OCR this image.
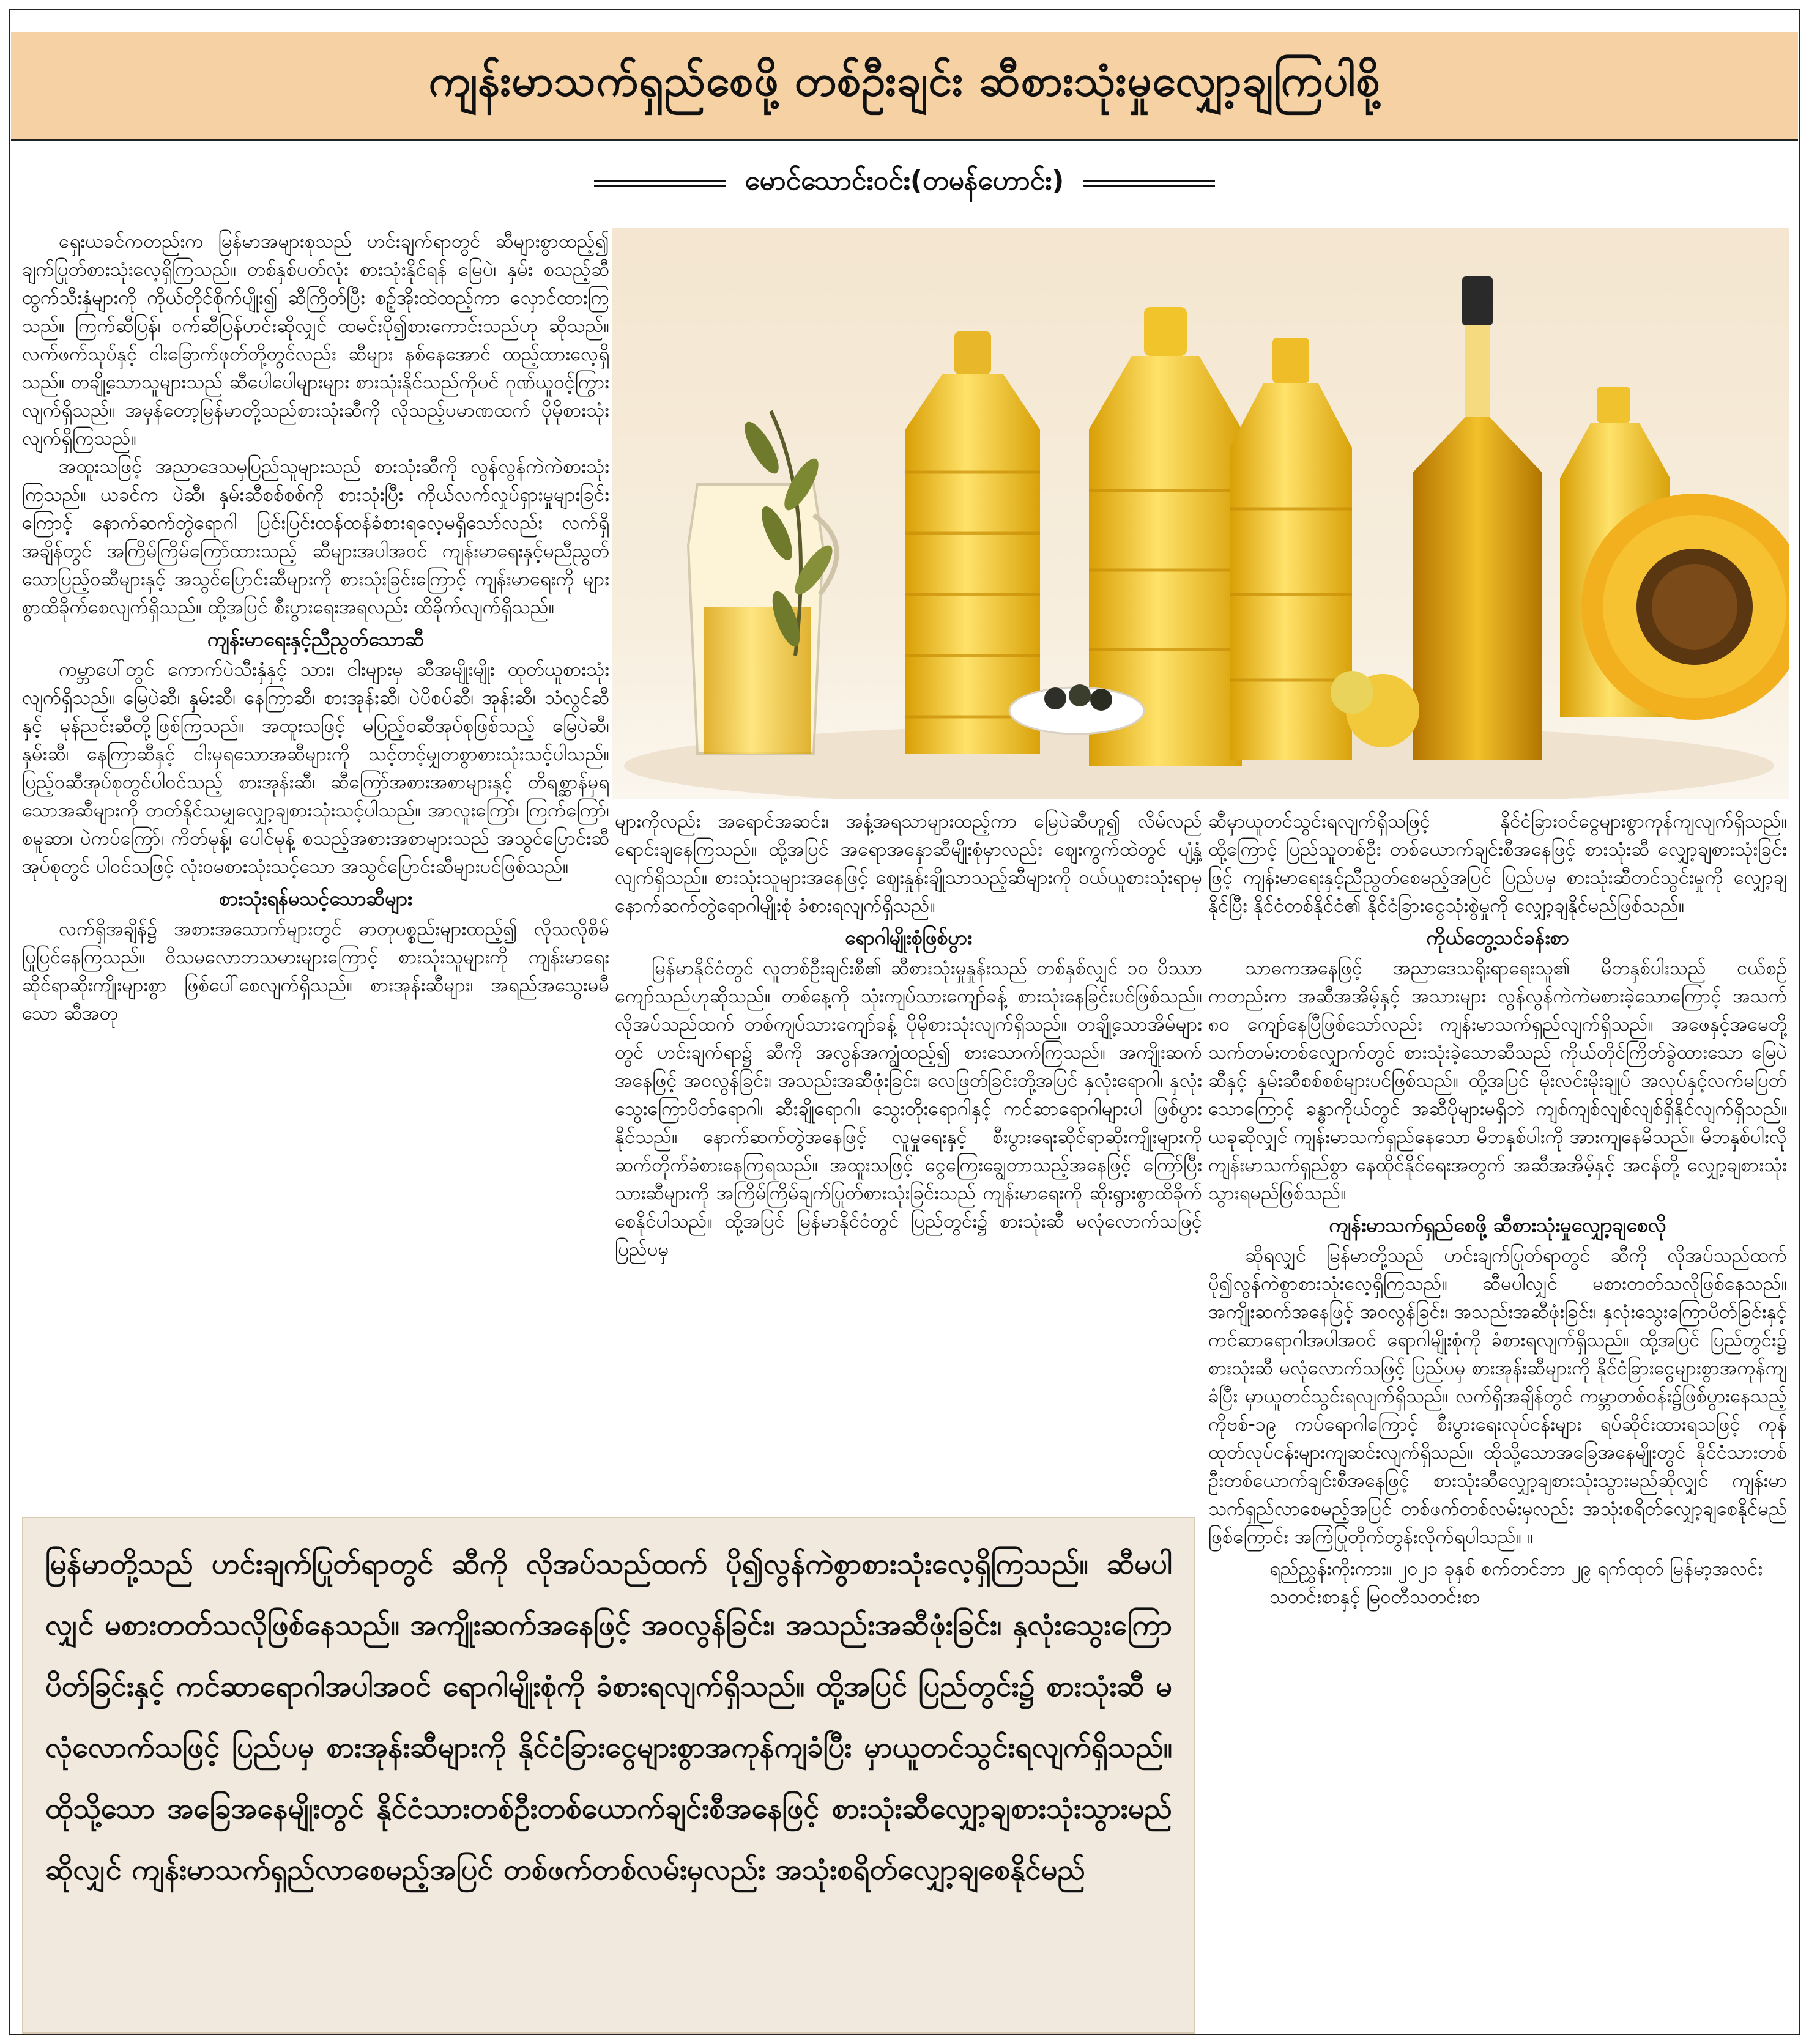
ကျန်းမာသက်ရှည်စေဖို့ တစ်ဦးချင်း ဆီစားသုံးမှုလျှော့ချကြပါစို့
မောင်သောင်းဝင်း(တမန်ဟောင်း)

ရှေးယခင်ကတည်းက မြန်မာအများစုသည် ဟင်းချက်ရာတွင် ဆီများစွာထည့်၍ ချက်ပြုတ်စားသုံးလေ့ရှိကြသည်။ တစ်နှစ်ပတ်လုံး စားသုံးနိုင်ရန် မြေပဲ၊ နှမ်း စသည့်ဆီထွက်သီးနှံများကို ကိုယ်တိုင်စိုက်ပျိုး၍ ဆီကြိတ်ပြီး စဉ့်အိုးထဲထည့်ကာ လှောင်ထားကြသည်။ ကြက်ဆီပြန်၊ ဝက်ဆီပြန်ဟင်းဆိုလျှင် ထမင်းပို၍စားကောင်းသည်ဟု ဆိုသည်။ လက်ဖက်သုပ်နှင့် ငါးခြောက်ဖုတ်တို့တွင်လည်း ဆီများ နစ်နေအောင် ထည့်ထားလေ့ရှိသည်။ တချို့သောသူများသည် ဆီပေါပေါများများ စားသုံးနိုင်သည်ကိုပင် ဂုဏ်ယူဝင့်ကြွားလျက်ရှိသည်။ အမှန်တော့မြန်မာတို့သည်စားသုံးဆီကို လိုသည့်ပမာဏထက် ပိုမိုစားသုံးလျက်ရှိကြသည်။

အထူးသဖြင့် အညာဒေသမှပြည်သူများသည် စားသုံးဆီကို လွန်လွန်ကဲကဲစားသုံးကြသည်။ ယခင်က ပဲဆီ၊ နှမ်းဆီစစ်စစ်ကို စားသုံးပြီး ကိုယ်လက်လှုပ်ရှားမှုများခြင်းကြောင့် နောက်ဆက်တွဲရောဂါ ပြင်းပြင်းထန်ထန်ခံစားရလေ့မရှိသော်လည်း လက်ရှိအချိန်တွင် အကြိမ်ကြိမ်ကြော်ထားသည့် ဆီများအပါအဝင် ကျန်းမာရေးနှင့်မညီညွတ်သောပြည့်ဝဆီများနှင့် အသွင်ပြောင်းဆီများကို စားသုံးခြင်းကြောင့် ကျန်းမာရေးကို များစွာထိခိုက်စေလျက်ရှိသည်။ ထို့အပြင် စီးပွားရေးအရလည်း ထိခိုက်လျက်ရှိသည်။

ကျန်းမာရေးနှင့်ညီညွတ်သောဆီ

ကမ္ဘာပေါ်တွင် ကောက်ပဲသီးနှံနှင့် သား၊ ငါးများမှ ဆီအမျိုးမျိုး ထုတ်ယူစားသုံးလျက်ရှိသည်။ မြေပဲဆီ၊ နှမ်းဆီ၊ နေကြာဆီ၊ စားအုန်းဆီ၊ ပဲပိစပ်ဆီ၊ အုန်းဆီ၊ သံလွင်ဆီနှင့် မုန်ညင်းဆီတို့ဖြစ်ကြသည်။ အထူးသဖြင့် မပြည့်ဝဆီအုပ်စုဖြစ်သည့် မြေပဲဆီ၊ နှမ်းဆီ၊ နေကြာဆီနှင့် ငါးမှရသောအဆီများကို သင့်တင့်မျှတစွာစားသုံးသင့်ပါသည်။ ပြည့်ဝဆီအုပ်စုတွင်ပါဝင်သည့် စားအုန်းဆီ၊ ဆီကြော်အစားအစာများနှင့် တိရစ္ဆာန်မှရသောအဆီများကို တတ်နိုင်သမျှလျှော့ချစားသုံးသင့်ပါသည်။ အာလူးကြော်၊ ကြက်ကြော်၊ စမူဆာ၊ ပဲကပ်ကြော်၊ ကိတ်မုန့်၊ ပေါင်မုန့် စသည့်အစားအစာများသည် အသွင်ပြောင်းဆီအုပ်စုတွင် ပါဝင်သဖြင့် လုံးဝမစားသုံးသင့်သော အသွင်ပြောင်းဆီများပင်ဖြစ်သည်။

စားသုံးရန်မသင့်သောဆီများ

လက်ရှိအချိန်၌ အစားအသောက်များတွင် ဓာတုပစ္စည်းများထည့်၍ လိုသလိုစိမ်ပြုပြင်နေကြသည်။ ဝိသမလောဘသမားများကြောင့် စားသုံးသူများကို ကျန်းမာရေးဆိုင်ရာဆိုးကျိုးများစွာ ဖြစ်ပေါ်စေလျက်ရှိသည်။ စားအုန်းဆီများ၊ အရည်အသွေးမမီသော ဆီအတု

များကိုလည်း အရောင်အဆင်း၊ အနံ့အရသာများထည့်ကာ မြေပဲဆီဟူ၍ လိမ်လည်ရောင်းချနေကြသည်။ ထို့အပြင် အရောအနှောဆီမျိုးစုံမှာလည်း ဈေးကွက်ထဲတွင် ပျံ့နှံ့လျက်ရှိသည်။ စားသုံးသူများအနေဖြင့် ဈေးနှုန်းချိုသာသည့်ဆီများကို ဝယ်ယူစားသုံးရာမှ နောက်ဆက်တွဲရောဂါမျိုးစုံ ခံစားရလျက်ရှိသည်။

ရောဂါမျိုးစုံဖြစ်ပွား

မြန်မာနိုင်ငံတွင် လူတစ်ဦးချင်းစီ၏ ဆီစားသုံးမှုနှုန်းသည် တစ်နှစ်လျှင် ၁၀ ပိဿာကျော်သည်ဟုဆိုသည်။ တစ်နေ့ကို သုံးကျပ်သားကျော်ခန့် စားသုံးနေခြင်းပင်ဖြစ်သည်။ လိုအပ်သည်ထက် တစ်ကျပ်သားကျော်ခန့် ပိုမိုစားသုံးလျက်ရှိသည်။ တချို့သောအိမ်များတွင် ဟင်းချက်ရာ၌ ဆီကို အလွန်အကျွံထည့်၍ စားသောက်ကြသည်။ အကျိုးဆက်အနေဖြင့် အဝလွန်ခြင်း၊ အသည်းအဆီဖုံးခြင်း၊ လေဖြတ်ခြင်းတို့အပြင် နှလုံးရောဂါ၊ နှလုံးသွေးကြောပိတ်ရောဂါ၊ ဆီးချိုရောဂါ၊ သွေးတိုးရောဂါနှင့် ကင်ဆာရောဂါများပါ ဖြစ်ပွားနိုင်သည်။ နောက်ဆက်တွဲအနေဖြင့် လူမှုရေးနှင့် စီးပွားရေးဆိုင်ရာဆိုးကျိုးများကို ဆက်တိုက်ခံစားနေကြရသည်။ အထူးသဖြင့် ငွေကြေးချွေတာသည့်အနေဖြင့် ကြော်ပြီးသားဆီများကို အကြိမ်ကြိမ်ချက်ပြုတ်စားသုံးခြင်းသည် ကျန်းမာရေးကို ဆိုးရွားစွာထိခိုက်စေနိုင်ပါသည်။ ထို့အပြင် မြန်မာနိုင်ငံတွင် ပြည်တွင်း၌ စားသုံးဆီ မလုံလောက်သဖြင့် ပြည်ပမှ

ဆီမှာယူတင်သွင်းရလျက်ရှိသဖြင့် နိုင်ငံခြားဝင်ငွေများစွာကုန်ကျလျက်ရှိသည်။ ထို့ကြောင့် ပြည်သူတစ်ဦး တစ်ယောက်ချင်းစီအနေဖြင့် စားသုံးဆီ လျှော့ချစားသုံးခြင်းဖြင့် ကျန်းမာရေးနှင့်ညီညွတ်စေမည့်အပြင် ပြည်ပမှ စားသုံးဆီတင်သွင်းမှုကို လျှော့ချနိုင်ပြီး နိုင်ငံတစ်နိုင်ငံ၏ နိုင်ငံခြားငွေသုံးစွဲမှုကို လျှော့ချနိုင်မည်ဖြစ်သည်။

ကိုယ်တွေ့သင်ခန်းစာ

သာဓကအနေဖြင့် အညာဒေသရိုးရာရေးသူ၏ မိဘနှစ်ပါးသည် ငယ်စဉ်ကတည်းက အဆီအအိမ့်နှင့် အသားများ လွန်လွန်ကဲကဲမစားခဲ့သောကြောင့် အသက် ၈၀ ကျော်နေပြီဖြစ်သော်လည်း ကျန်းမာသက်ရှည်လျက်ရှိသည်။ အဖေနှင့်အမေတို့သက်တမ်းတစ်လျှောက်တွင် စားသုံးခဲ့သောဆီသည် ကိုယ်တိုင်ကြိတ်ခွဲထားသော မြေပဲဆီနှင့် နှမ်းဆီစစ်စစ်များပင်ဖြစ်သည်။ ထို့အပြင် မိုးလင်းမိုးချုပ် အလုပ်နှင့်လက်မပြတ်သောကြောင့် ခန္ဓာကိုယ်တွင် အဆီပိုများမရှိဘဲ ကျစ်ကျစ်လျစ်လျစ်ရှိနိုင်လျက်ရှိသည်။ ယခုဆိုလျှင် ကျန်းမာသက်ရှည်နေသော မိဘနှစ်ပါးကို အားကျနေမိသည်။ မိဘနှစ်ပါးလို ကျန်းမာသက်ရှည်စွာ နေထိုင်နိုင်ရေးအတွက် အဆီအအိမ့်နှင့် အငန်တို့ လျှော့ချစားသုံးသွားရမည်ဖြစ်သည်။

ကျန်းမာသက်ရှည်စေဖို့ ဆီစားသုံးမှုလျှော့ချစေလို

ဆိုရလျှင် မြန်မာတို့သည် ဟင်းချက်ပြုတ်ရာတွင် ဆီကို လိုအပ်သည်ထက် ပို၍လွန်ကဲစွာစားသုံးလေ့ရှိကြသည်။ ဆီမပါလျှင် မစားတတ်သလိုဖြစ်နေသည်။ အကျိုးဆက်အနေဖြင့် အဝလွန်ခြင်း၊ အသည်းအဆီဖုံးခြင်း၊ နှလုံးသွေးကြောပိတ်ခြင်းနှင့် ကင်ဆာရောဂါအပါအဝင် ရောဂါမျိုးစုံကို ခံစားရလျက်ရှိသည်။ ထို့အပြင် ပြည်တွင်း၌ စားသုံးဆီ မလုံလောက်သဖြင့် ပြည်ပမှ စားအုန်းဆီများကို နိုင်ငံခြားငွေများစွာအကုန်ကျခံပြီး မှာယူတင်သွင်းရလျက်ရှိသည်။ လက်ရှိအချိန်တွင် ကမ္ဘာတစ်ဝန်း၌ဖြစ်ပွားနေသည့် ကိုဗစ်-၁၉ ကပ်ရောဂါကြောင့် စီးပွားရေးလုပ်ငန်းများ ရပ်ဆိုင်းထားရသဖြင့် ကုန်ထုတ်လုပ်ငန်းများကျဆင်းလျက်ရှိသည်။ ထိုသို့သောအခြေအနေမျိုးတွင် နိုင်ငံသားတစ်ဦးတစ်ယောက်ချင်းစီအနေဖြင့် စားသုံးဆီလျှော့ချစားသုံးသွားမည်ဆိုလျှင် ကျန်းမာသက်ရှည်လာစေမည့်အပြင် တစ်ဖက်တစ်လမ်းမှလည်း အသုံးစရိတ်လျှော့ချစေနိုင်မည်ဖြစ်ကြောင်း အကြံပြုတိုက်တွန်းလိုက်ရပါသည်။ ။

ရည်ညွှန်းကိုးကား။ ၂၀၂၁ ခုနှစ် စက်တင်ဘာ ၂၉ ရက်ထုတ် မြန်မာ့အလင်းသတင်းစာနှင့် မြဝတီသတင်းစာ

မြန်မာတို့သည် ဟင်းချက်ပြုတ်ရာတွင် ဆီကို လိုအပ်သည်ထက် ပို၍လွန်ကဲစွာစားသုံးလေ့ရှိကြသည်။ ဆီမပါလျှင် မစားတတ်သလိုဖြစ်နေသည်။ အကျိုးဆက်အနေဖြင့် အဝလွန်ခြင်း၊ အသည်းအဆီဖုံးခြင်း၊ နှလုံးသွေးကြောပိတ်ခြင်းနှင့် ကင်ဆာရောဂါအပါအဝင် ရောဂါမျိုးစုံကို ခံစားရလျက်ရှိသည်။ ထို့အပြင် ပြည်တွင်း၌ စားသုံးဆီ မလုံလောက်သဖြင့် ပြည်ပမှ စားအုန်းဆီများကို နိုင်ငံခြားငွေများစွာအကုန်ကျခံပြီး မှာယူတင်သွင်းရလျက်ရှိသည်။ ထိုသို့သော အခြေအနေမျိုးတွင် နိုင်ငံသားတစ်ဦးတစ်ယောက်ချင်းစီအနေဖြင့် စားသုံးဆီလျှော့ချစားသုံးသွားမည်ဆိုလျှင် ကျန်းမာသက်ရှည်လာစေမည့်အပြင် တစ်ဖက်တစ်လမ်းမှလည်း အသုံးစရိတ်လျှော့ချစေနိုင်မည်
